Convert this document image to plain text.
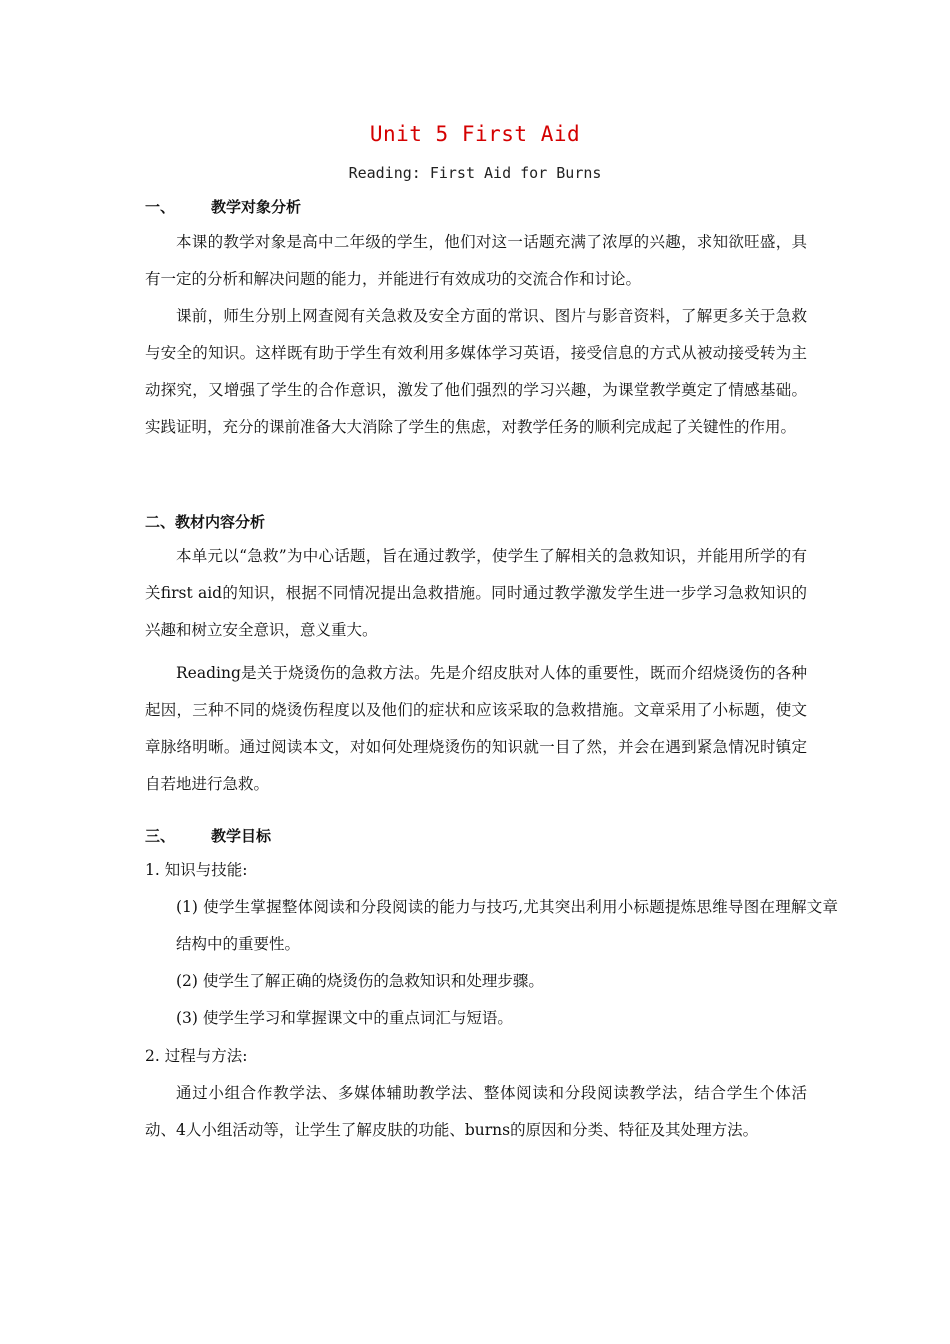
Unit 5 First Aid
Reading: First Aid for Burns
一、 教学对象分析
本课的教学对象是高中二年级的学生，他们对这一话题充满了浓厚的兴趣，求知欲旺盛，具有一定的分析和解决问题的能力，并能进行有效成功的交流合作和讨论。
课前，师生分别上网查阅有关急救及安全方面的常识、图片与影音资料，了解更多关于急救与安全的知识。这样既有助于学生有效利用多媒体学习英语，接受信息的方式从被动接受转为主动探究，又增强了学生的合作意识，激发了他们强烈的学习兴趣，为课堂教学奠定了情感基础。实践证明，充分的课前准备大大消除了学生的焦虑，对教学任务的顺利完成起了关键性的作用。
二、教材内容分析
本单元以“急救”为中心话题，旨在通过教学，使学生了解相关的急救知识，并能用所学的有关first aid的知识，根据不同情况提出急救措施。同时通过教学激发学生进一步学习急救知识的兴趣和树立安全意识，意义重大。
Reading是关于烧烫伤的急救方法。先是介绍皮肤对人体的重要性，既而介绍烧烫伤的各种起因，三种不同的烧烫伤程度以及他们的症状和应该采取的急救措施。文章采用了小标题，使文章脉络明晰。通过阅读本文，对如何处理烧烫伤的知识就一目了然，并会在遇到紧急情况时镇定自若地进行急救。
三、 教学目标
1. 知识与技能:
(1) 使学生掌握整体阅读和分段阅读的能力与技巧,尤其突出利用小标题提炼思维导图在理解文章结构中的重要性。
(2) 使学生了解正确的烧烫伤的急救知识和处理步骤。
(3) 使学生学习和掌握课文中的重点词汇与短语。
2. 过程与方法:
通过小组合作教学法、多媒体辅助教学法、整体阅读和分段阅读教学法，结合学生个体活动、4人小组活动等，让学生了解皮肤的功能、burns的原因和分类、特征及其处理方法。
